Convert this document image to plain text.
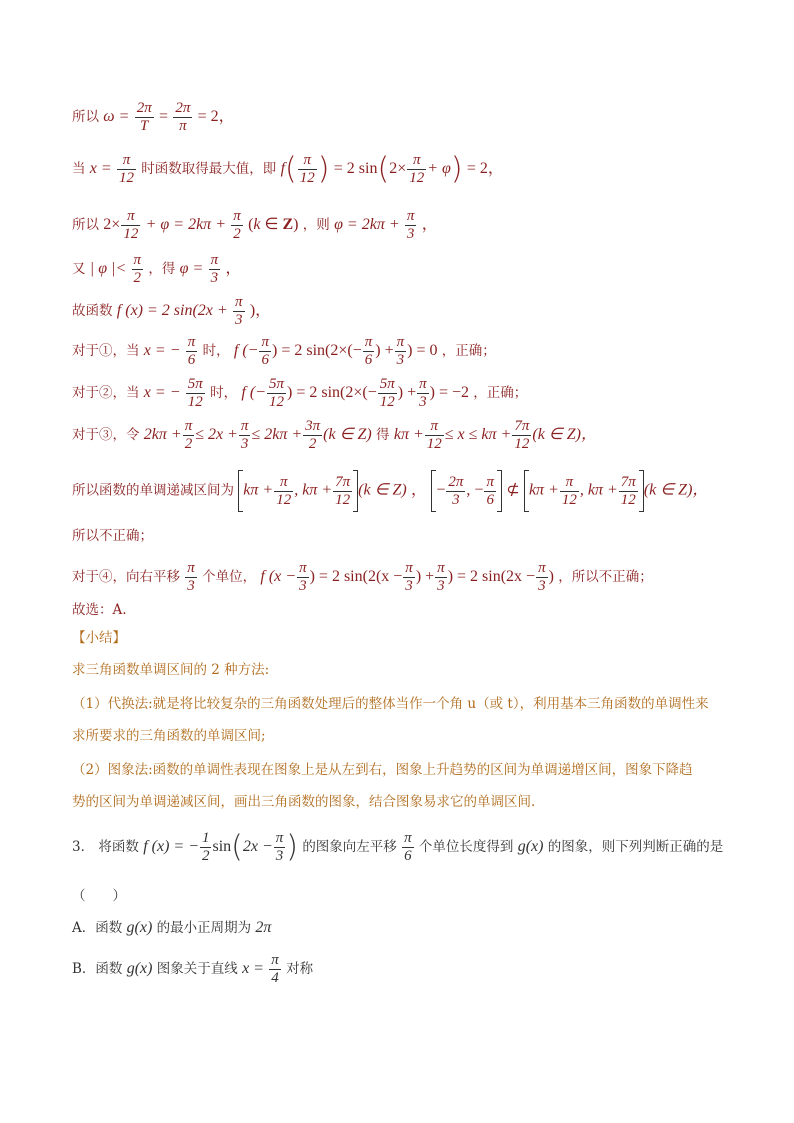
所以 $\omega = \frac{2\pi}{T} = \frac{2\pi}{\pi} = 2$，
当 $x = \frac{\pi}{12}$ 时函数取得最大值，即 $f( \frac{\pi}{12}$ ) = 2 $\sin(2\times \frac{\pi}{12} + \varphi) = 2$，
所以 $2\times \frac{\pi}{12} + \varphi = 2k\pi + \frac{\pi}{2} (k$ ∈ Z) ，则 $\varphi = 2k\pi + \frac{\pi}{3}$ ，
又 | φ |< $\frac{\pi}{2}$ ，得 $\varphi = \frac{\pi}{3}$ ，
故函数 f (x) = 2 $\sin(2x + \frac{\pi}{3}$ )，
对于①，当 x = − $\frac{\pi}{6}$ 时， f (− $\frac{\pi}{6}$ ) = 2 $\sin(2\times(- \frac{\pi}{6}$ ) + $\frac{\pi}{3}$ ) = 0 ，正确；
对于②，当 x = − $\frac{5\pi}{12}$ 时， f (− $\frac{5\pi}{12}$ ) = 2 $\sin(2\times(- \frac{5\pi}{12}$ ) + $\frac{\pi}{3}$ ) = −2 ，正确；
对于③，令 $2k\pi + \frac{\pi}{2} \le 2x + \frac{\pi}{3} \le 2k\pi + \frac{3\pi}{2} (k$ ∈ Z) 得 $k\pi + \frac{\pi}{12} \le x \le k\pi + \frac{7\pi}{12} (k$ ∈ Z)，
所以函数的单调递减区间为 $k\pi + \frac{\pi}{12}$ , $k\pi + \frac{7\pi}{12} (k$ ∈ Z) ， − $\frac{2\pi}{3}$ , − $\frac{\pi}{6}$ ⊄ $k\pi + \frac{\pi}{12}$ , $k\pi + \frac{7\pi}{12} (k$ ∈ Z)，
所以不正确；
对于④，向右平移 $\frac{\pi}{3}$ 个单位， f ($x - \frac{\pi}{3}$ ) = 2 $\sin(2(x - \frac{\pi}{3}$ ) + $\frac{\pi}{3}$ ) = 2 $\sin(2x - \frac{\pi}{3}$ ) ，所以不正确；
故选：A.
【小结】
求三角函数单调区间的 2 种方法:
（1）代换法:就是将比较复杂的三角函数处理后的整体当作一个角 u（或 t），利用基本三角函数的单调性来
求所要求的三角函数的单调区间;
（2）图象法:函数的单调性表现在图象上是从左到右，图象上升趋势的区间为单调递增区间，图象下降趋
势的区间为单调递减区间，画出三角函数的图象，结合图象易求它的单调区间.
3． 将函数 f (x) = − $\frac{1}{2} \sin(2x - \frac{\pi}{3}$ ) 的图象向左平移 $\frac{\pi}{6}$ 个单位长度得到 g(x) 的图象，则下列判断正确的是
（　　）
A．函数 g(x) 的最小正周期为 2π
B．函数 g(x) 图象关于直线 $x = \frac{\pi}{4}$ 对称
